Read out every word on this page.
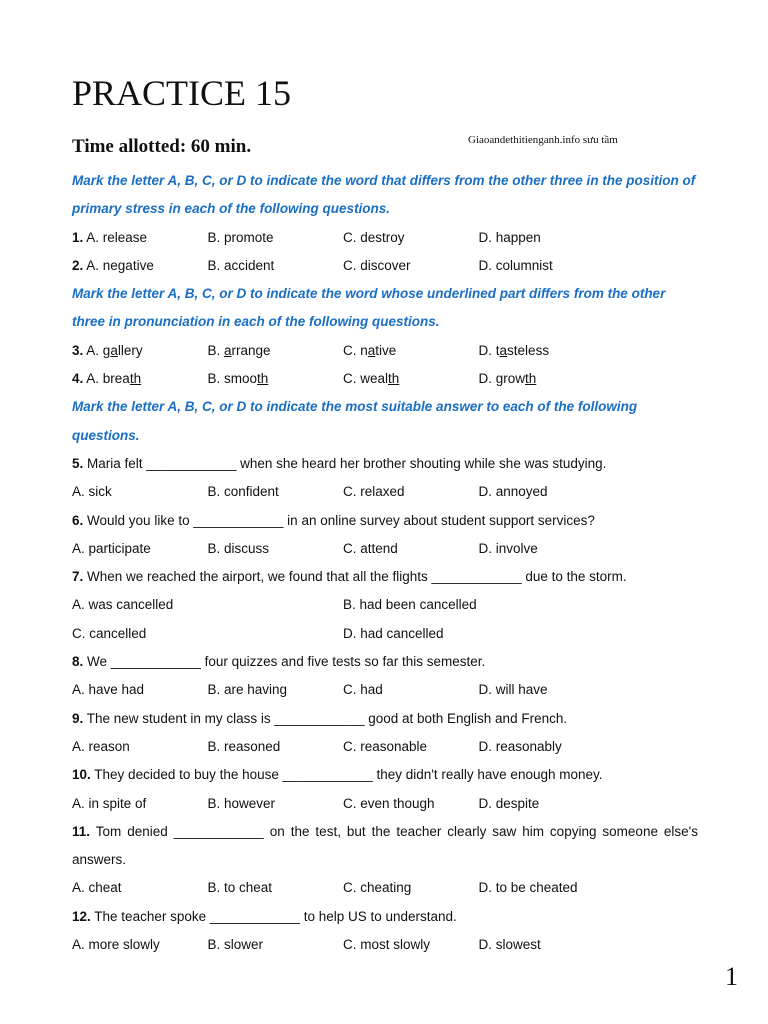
PRACTICE 15

Time allotted: 60 min.	Giaoandethitienganh.info sưu tầm

Mark the letter A, B, C, or D to indicate the word that differs from the other three in the position of primary stress in each of the following questions.

1. A. release	B. promote	C. destroy	D. happen
2. A. negative	B. accident	C. discover	D. columnist

Mark the letter A, B, C, or D to indicate the word whose underlined part differs from the other three in pronunciation in each of the following questions.

3. A. gallery	B. arrange	C. native	D. tasteless
4. A. breath	B. smooth	C. wealth	D. growth

Mark the letter A, B, C, or D to indicate the most suitable answer to each of the following questions.

5. Maria felt ____________ when she heard her brother shouting while she was studying.

A. sick	B. confident	C. relaxed	D. annoyed

6. Would you like to ____________ in an online survey about student support services?

A. participate	B. discuss	C. attend	D. involve

7. When we reached the airport, we found that all the flights ____________ due to the storm.

A. was cancelled	B. had been cancelled
C. cancelled	D. had cancelled

8. We ____________ four quizzes and five tests so far this semester.

A. have had	B. are having	C. had	D. will have

9. The new student in my class is ____________ good at both English and French.

A. reason	B. reasoned	C. reasonable	D. reasonably

10. They decided to buy the house ____________ they didn't really have enough money.

A. in spite of	B. however	C. even though	D. despite

11. Tom denied ____________ on the test, but the teacher clearly saw him copying someone else's answers.

A. cheat	B. to cheat	C. cheating	D. to be cheated

12. The teacher spoke ____________ to help US to understand.

A. more slowly	B. slower	C. most slowly	D. slowest
1
